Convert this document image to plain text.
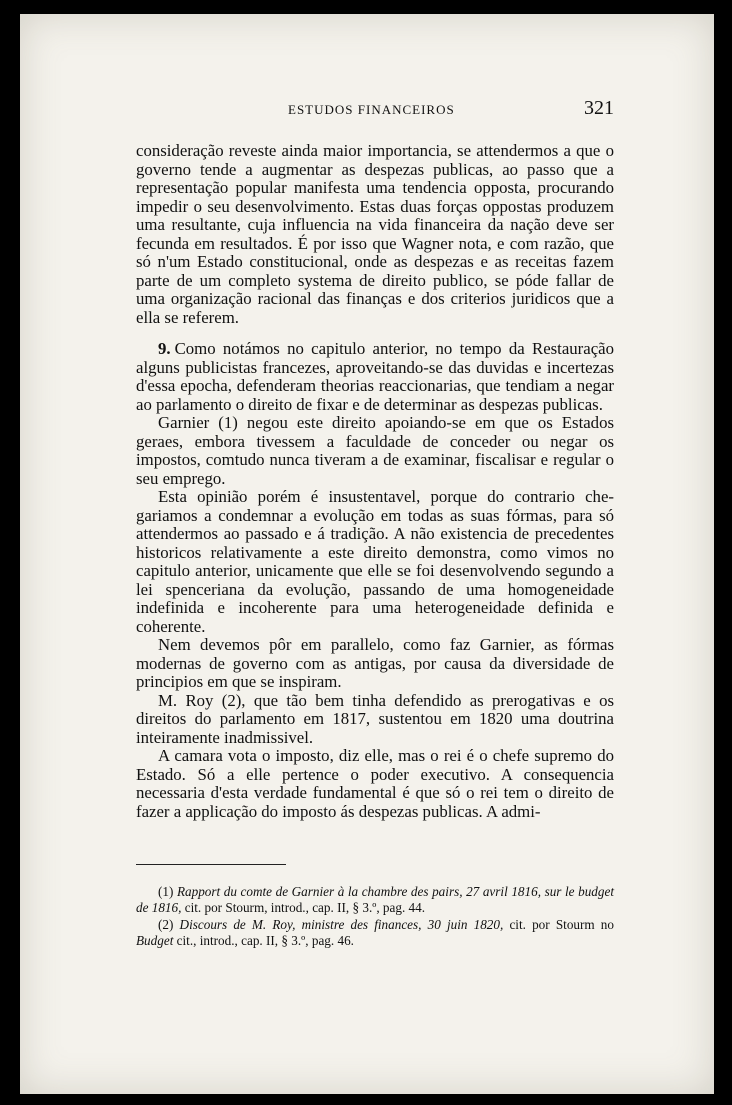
ESTUDOS FINANCEIROS	321

consideração reveste ainda maior importancia, se attendermos a que o governo tende a augmentar as despezas publicas, ao passo que a representação popular manifesta uma tendencia opposta, procurando impedir o seu desenvolvimento. Estas duas forças oppostas produzem uma resultante, cuja influencia na vida financeira da nação deve ser fecunda em resultados. É por isso que Wagner nota, e com razão, que só n'um Estado constitucional, onde as despezas e as receitas fazem parte de um completo systema de direito publico, se póde fallar de uma organização racional das finanças e dos criterios juridicos que a ella se referem.

9. Como notámos no capitulo anterior, no tempo da Restauração alguns publicistas francezes, aproveitando-se das duvidas e incertezas d'essa epocha, defenderam theorias reaccionarias, que tendiam a negar ao parlamento o direito de fixar e de determinar as despezas publicas.

Garnier (1) negou este direito apoiando-se em que os Estados geraes, embora tivessem a faculdade de conceder ou negar os impostos, comtudo nunca tiveram a de examinar, fiscalisar e regular o seu emprego.

Esta opinião porém é insustentavel, porque do contrario chegariamos a condemnar a evolução em todas as suas fórmas, para só attendermos ao passado e á tradição. A não existencia de precedentes historicos relativamente a este direito demonstra, como vimos no capitulo anterior, unicamente que elle se foi desenvolvendo segundo a lei spenceriana da evolução, passando de uma homogeneidade indefinida e incoherente para uma heterogeneidade definida e coherente.

Nem devemos pôr em parallelo, como faz Garnier, as fórmas modernas de governo com as antigas, por causa da diversidade de principios em que se inspiram.

M. Roy (2), que tão bem tinha defendido as prerogativas e os direitos do parlamento em 1817, sustentou em 1820 uma doutrina inteiramente inadmissivel.

A camara vota o imposto, diz elle, mas o rei é o chefe supremo do Estado. Só a elle pertence o poder executivo. A consequencia necessaria d'esta verdade fundamental é que só o rei tem o direito de fazer a applicação do imposto ás despezas publicas. A admi-

(1) Rapport du comte de Garnier à la chambre des pairs, 27 avril 1816, sur le budget de 1816, cit. por Stourm, introd., cap. II, § 3.º, pag. 44.

(2) Discours de M. Roy, ministre des finances, 30 juin 1820, cit. por Stourm no Budget cit., introd., cap. II, § 3.º, pag. 46.
